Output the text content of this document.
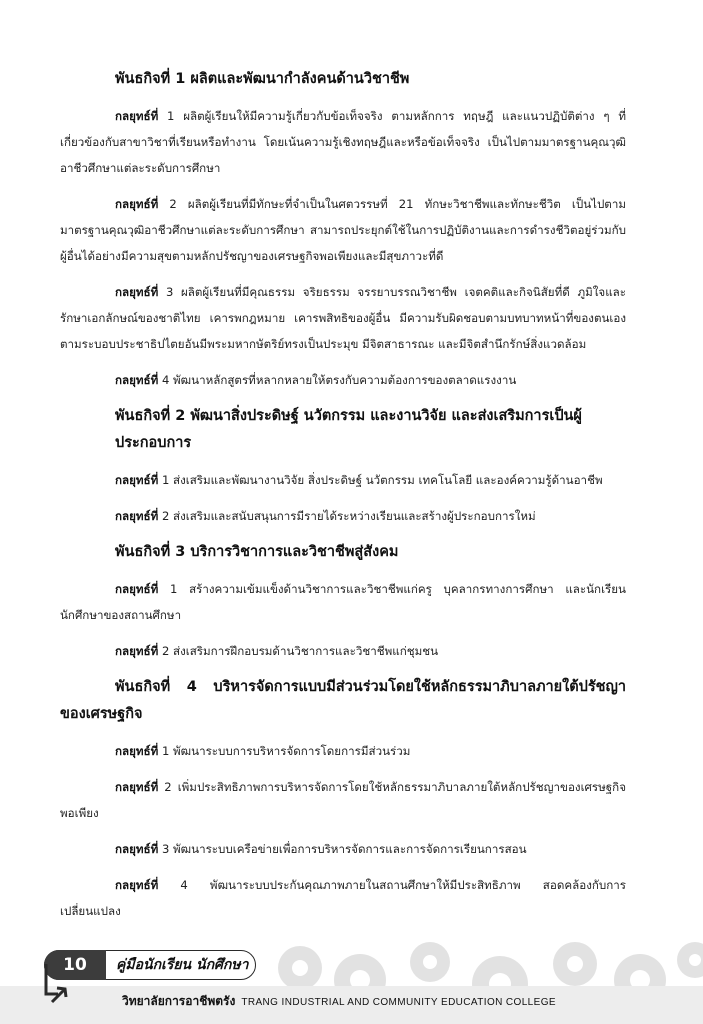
พันธกิจที่ 1 ผลิตและพัฒนากำลังคนด้านวิชาชีพ
กลยุทธ์ที่ 1 ผลิตผู้เรียนให้มีความรู้เกี่ยวกับข้อเท็จจริง ตามหลักการ ทฤษฎี และแนวปฏิบัติต่าง ๆ ที่เกี่ยวข้องกับสาขาวิชาที่เรียนหรือทำงาน โดยเน้นความรู้เชิงทฤษฎีและหรือข้อเท็จจริง เป็นไปตามมาตรฐานคุณวุฒิอาชีวศึกษาแต่ละระดับการศึกษา
กลยุทธ์ที่ 2 ผลิตผู้เรียนที่มีทักษะที่จำเป็นในศตวรรษที่ 21 ทักษะวิชาชีพและทักษะชีวิต เป็นไปตามมาตรฐานคุณวุฒิอาชีวศึกษาแต่ละระดับการศึกษา สามารถประยุกต์ใช้ในการปฏิบัติงานและการดำรงชีวิตอยู่ร่วมกับผู้อื่นได้อย่างมีความสุขตามหลักปรัชญาของเศรษฐกิจพอเพียงและมีสุขภาวะที่ดี
กลยุทธ์ที่ 3 ผลิตผู้เรียนที่มีคุณธรรม จริยธรรม จรรยาบรรณวิชาชีพ เจตคติและกิจนิสัยที่ดี ภูมิใจและรักษาเอกลักษณ์ของชาติไทย เคารพกฎหมาย เคารพสิทธิของผู้อื่น มีความรับผิดชอบตามบทบาทหน้าที่ของตนเองตามระบอบประชาธิปไตยอันมีพระมหากษัตริย์ทรงเป็นประมุข มีจิตสาธารณะ และมีจิตสำนึกรักษ์สิ่งแวดล้อม
กลยุทธ์ที่ 4 พัฒนาหลักสูตรที่หลากหลายให้ตรงกับความต้องการของตลาดแรงงาน
พันธกิจที่ 2 พัฒนาสิ่งประดิษฐ์ นวัตกรรม และงานวิจัย และส่งเสริมการเป็นผู้ประกอบการ
กลยุทธ์ที่ 1 ส่งเสริมและพัฒนางานวิจัย สิ่งประดิษฐ์ นวัตกรรม เทคโนโลยี และองค์ความรู้ด้านอาชีพ
กลยุทธ์ที่ 2 ส่งเสริมและสนับสนุนการมีรายได้ระหว่างเรียนและสร้างผู้ประกอบการใหม่
พันธกิจที่ 3 บริการวิชาการและวิชาชีพสู่สังคม
กลยุทธ์ที่ 1 สร้างความเข้มแข็งด้านวิชาการและวิชาชีพแก่ครู บุคลากรทางการศึกษา และนักเรียน นักศึกษาของสถานศึกษา
กลยุทธ์ที่ 2 ส่งเสริมการฝึกอบรมด้านวิชาการและวิชาชีพแก่ชุมชน
พันธกิจที่ 4 บริหารจัดการแบบมีส่วนร่วมโดยใช้หลักธรรมาภิบาลภายใต้ปรัชญาของเศรษฐกิจ
กลยุทธ์ที่ 1 พัฒนาระบบการบริหารจัดการโดยการมีส่วนร่วม
กลยุทธ์ที่ 2 เพิ่มประสิทธิภาพการบริหารจัดการโดยใช้หลักธรรมาภิบาลภายใต้หลักปรัชญาของเศรษฐกิจพอเพียง
กลยุทธ์ที่ 3 พัฒนาระบบเครือข่ายเพื่อการบริหารจัดการและการจัดการเรียนการสอน
กลยุทธ์ที่ 4 พัฒนาระบบประกันคุณภาพภายในสถานศึกษาให้มีประสิทธิภาพ สอดคล้องกับการเปลี่ยนแปลง
10	คู่มือนักเรียน นักศึกษา
วิทยาลัยการอาชีพตรัง TRANG INDUSTRIAL AND COMMUNITY EDUCATION COLLEGE
